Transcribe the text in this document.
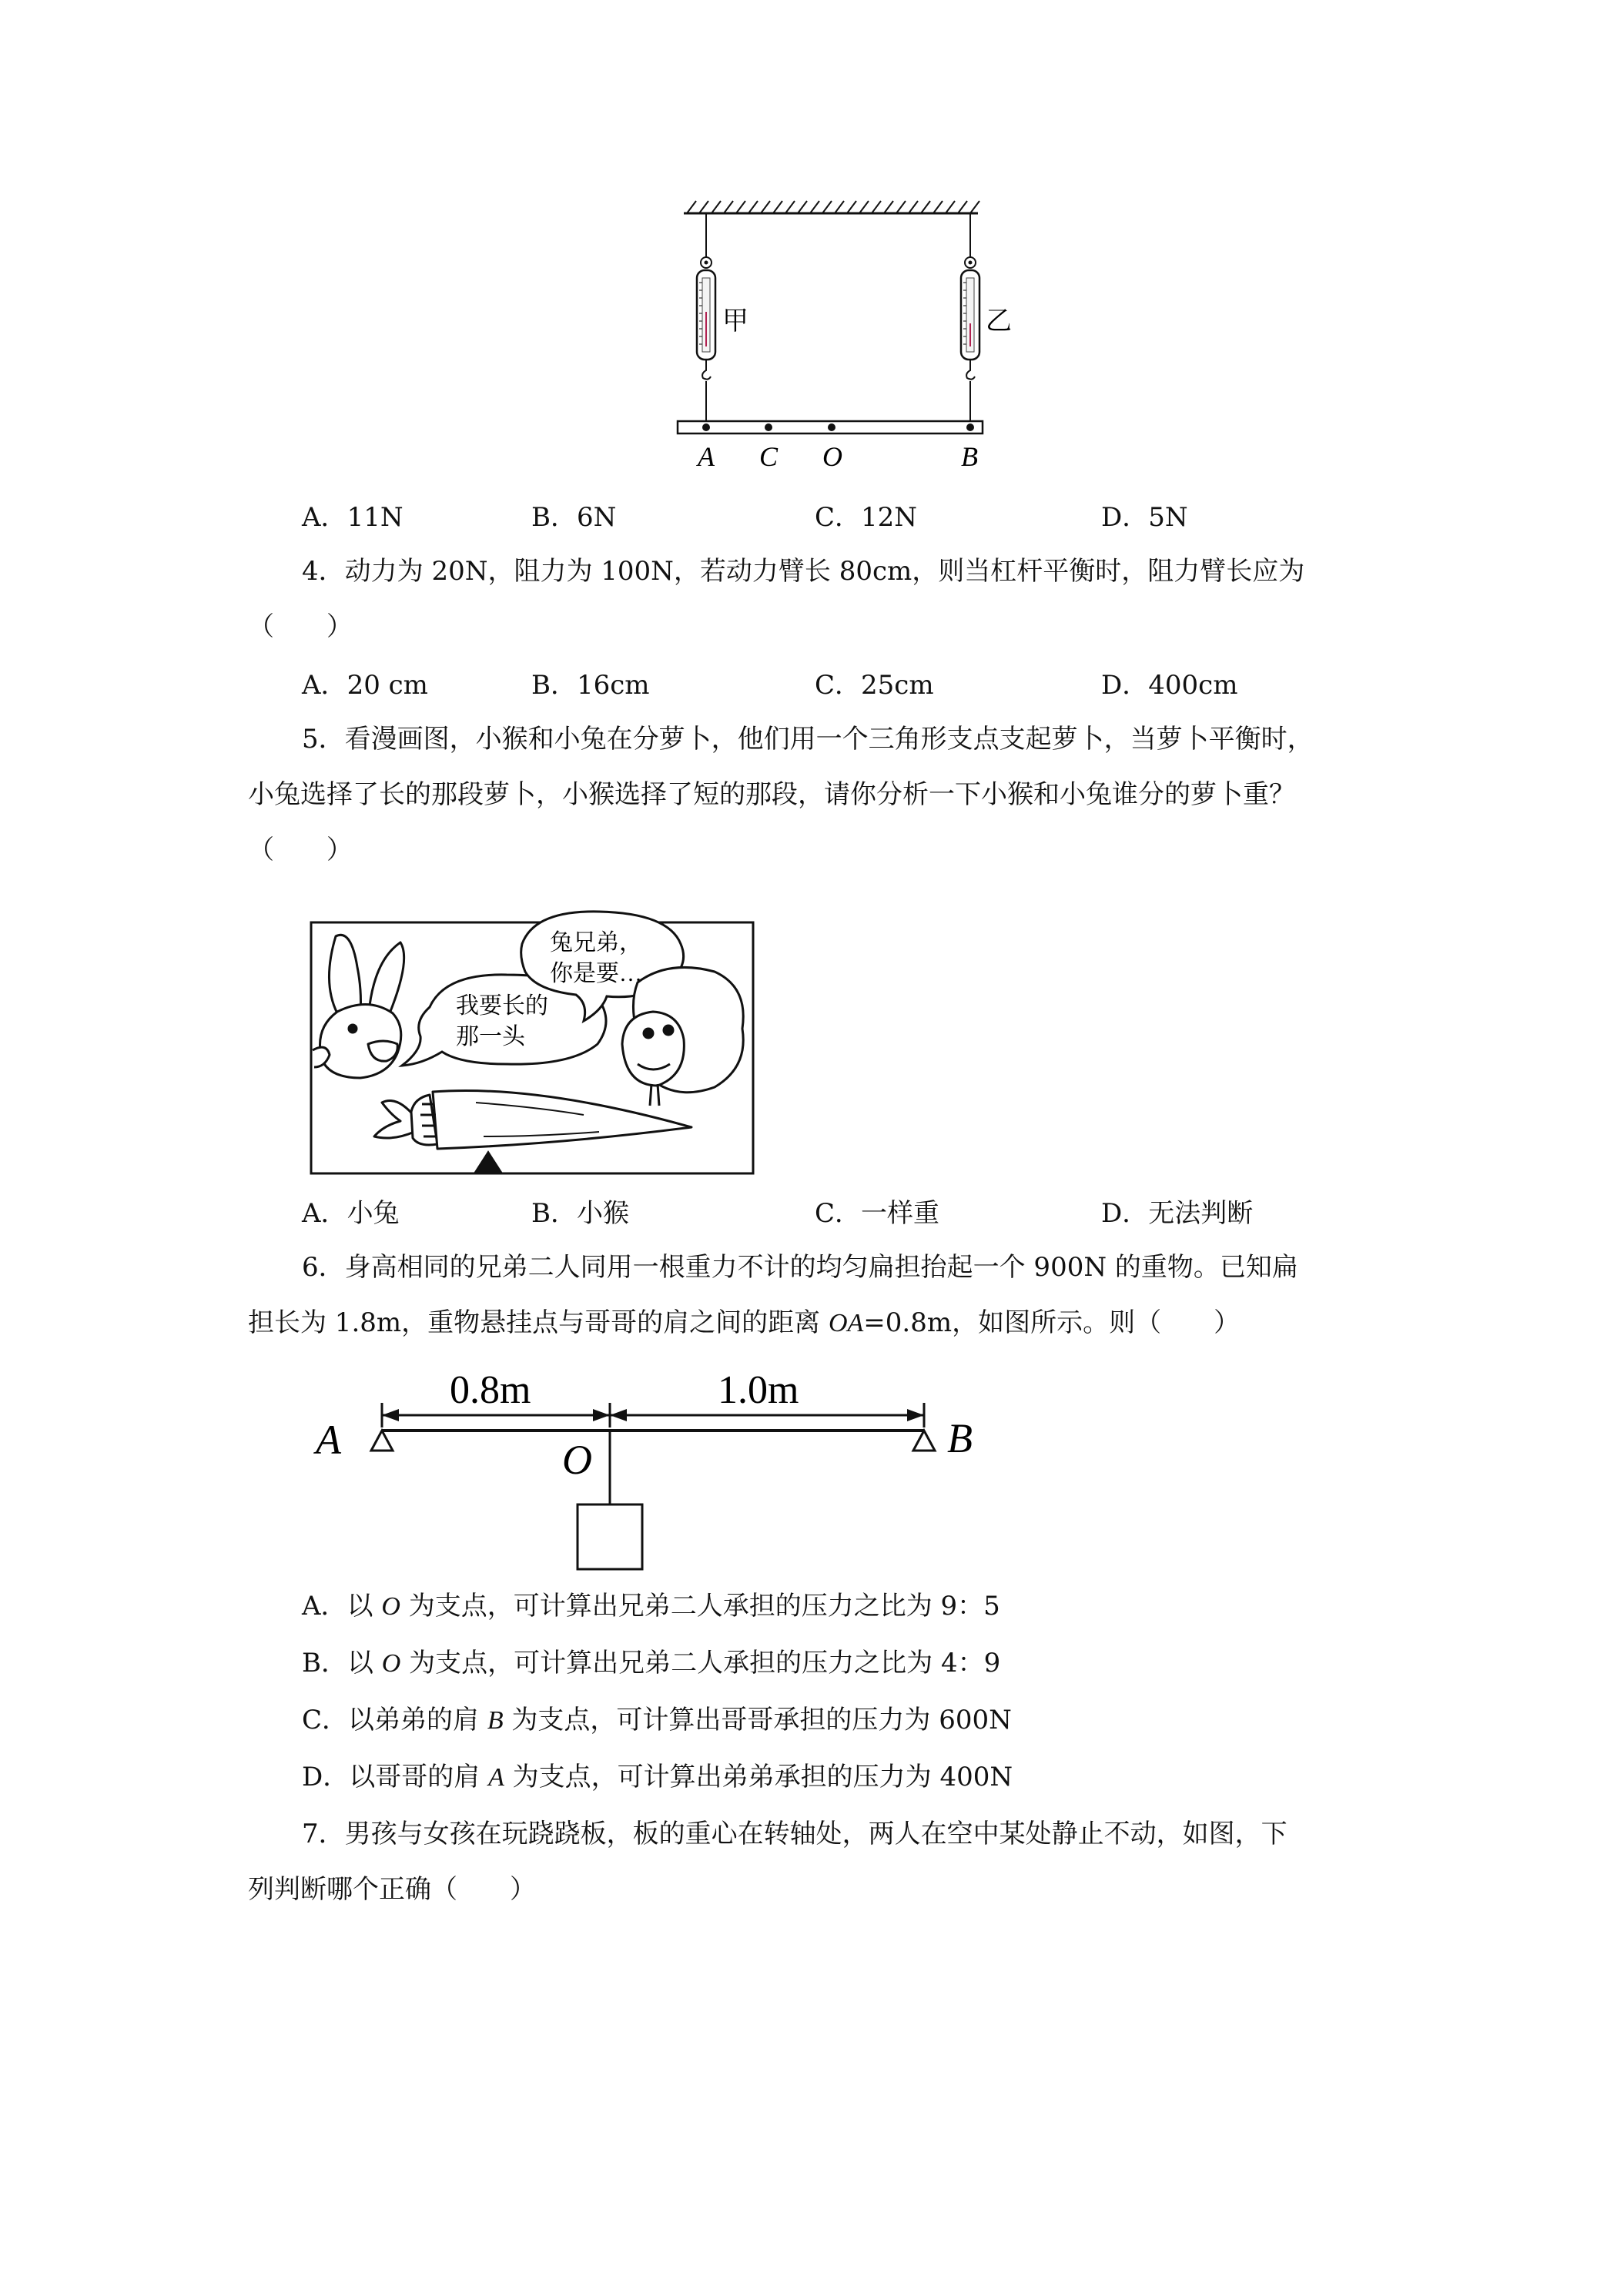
甲	乙
A C O	B
A．11N	B．6N	C．12N	D．5N
4．动力为 20N，阻力为 100N，若动力臂长 80cm，则当杠杆平衡时，阻力臂长应为
（　　）
A．20 cm	B．16cm	C．25cm	D．400cm
5．看漫画图，小猴和小兔在分萝卜，他们用一个三角形支点支起萝卜，当萝卜平衡时，
小兔选择了长的那段萝卜，小猴选择了短的那段，请你分析一下小猴和小兔谁分的萝卜重？
（　　）
我要长的
那一头
兔兄弟，
你是要…
A．小兔	B．小猴	C．一样重	D．无法判断
6．身高相同的兄弟二人同用一根重力不计的均匀扁担抬起一个 900N 的重物。已知扁
担长为 1.8m，重物悬挂点与哥哥的肩之间的距离 OA=0.8m，如图所示。则（　　）
0.8m	1.0m
A	O	B
A．以 O 为支点，可计算出兄弟二人承担的压力之比为 9：5
B．以 O 为支点，可计算出兄弟二人承担的压力之比为 4：9
C．以弟弟的肩 B 为支点，可计算出哥哥承担的压力为 600N
D．以哥哥的肩 A 为支点，可计算出弟弟承担的压力为 400N
7．男孩与女孩在玩跷跷板，板的重心在转轴处，两人在空中某处静止不动，如图，下
列判断哪个正确（　　）
